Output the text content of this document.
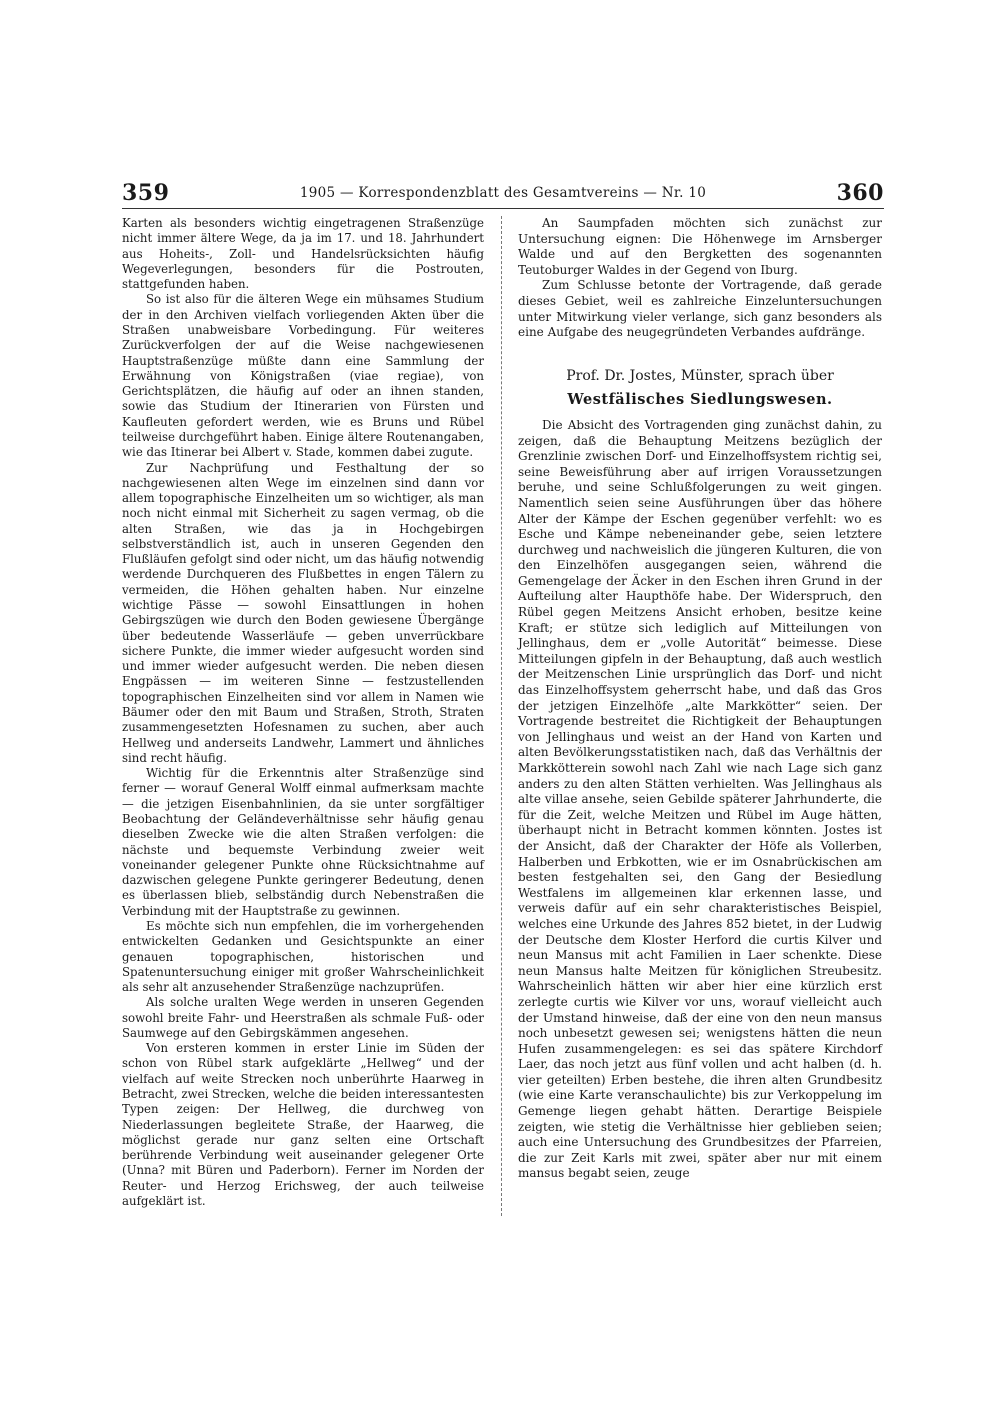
359	1905 — Korrespondenzblatt des Gesamtvereins — Nr. 10	360

Karten als besonders wichtig eingetragenen Straßenzüge nicht immer ältere Wege, da ja im 17. und 18. Jahrhundert aus Hoheits-, Zoll- und Handelsrücksichten häufig Wegeverlegungen, besonders für die Postrouten, stattgefunden haben.

So ist also für die älteren Wege ein mühsames Studium der in den Archiven vielfach vorliegenden Akten über die Straßen unabweisbare Vorbedingung. Für weiteres Zurückverfolgen der auf die Weise nachgewiesenen Hauptstraßenzüge müßte dann eine Sammlung der Erwähnung von Königstraßen (viae regiae), von Gerichtsplätzen, die häufig auf oder an ihnen standen, sowie das Studium der Itinerarien von Fürsten und Kaufleuten gefordert werden, wie es Bruns und Rübel teilweise durchgeführt haben. Einige ältere Routenangaben, wie das Itinerar bei Albert v. Stade, kommen dabei zugute.

Zur Nachprüfung und Festhaltung der so nachgewiesenen alten Wege im einzelnen sind dann vor allem topographische Einzelheiten um so wichtiger, als man noch nicht einmal mit Sicherheit zu sagen vermag, ob die alten Straßen, wie das ja in Hochgebirgen selbstverständlich ist, auch in unseren Gegenden den Flußläufen gefolgt sind oder nicht, um das häufig notwendig werdende Durchqueren des Flußbettes in engen Tälern zu vermeiden, die Höhen gehalten haben. Nur einzelne wichtige Pässe — sowohl Einsattlungen in hohen Gebirgszügen wie durch den Boden gewiesene Übergänge über bedeutende Wasserläufe — geben unverrückbare sichere Punkte, die immer wieder aufgesucht worden sind und immer wieder aufgesucht werden. Die neben diesen Engpässen — im weiteren Sinne — festzustellenden topographischen Einzelheiten sind vor allem in Namen wie Bäumer oder den mit Baum und Straßen, Stroth, Straten zusammengesetzten Hofesnamen zu suchen, aber auch Hellweg und anderseits Landwehr, Lammert und ähnliches sind recht häufig.

Wichtig für die Erkenntnis alter Straßenzüge sind ferner — worauf General Wolff einmal aufmerksam machte — die jetzigen Eisenbahnlinien, da sie unter sorgfältiger Beobachtung der Geländeverhältnisse sehr häufig genau dieselben Zwecke wie die alten Straßen verfolgen: die nächste und bequemste Verbindung zweier weit voneinander gelegener Punkte ohne Rücksichtnahme auf dazwischen gelegene Punkte geringerer Bedeutung, denen es überlassen blieb, selbständig durch Nebenstraßen die Verbindung mit der Hauptstraße zu gewinnen.

Es möchte sich nun empfehlen, die im vorhergehenden entwickelten Gedanken und Gesichtspunkte an einer genauen topographischen, historischen und Spatenuntersuchung einiger mit großer Wahrscheinlichkeit als sehr alt anzusehender Straßenzüge nachzuprüfen.

Als solche uralten Wege werden in unseren Gegenden sowohl breite Fahr- und Heerstraßen als schmale Fuß- oder Saumwege auf den Gebirgskämmen angesehen.

Von ersteren kommen in erster Linie im Süden der schon von Rübel stark aufgeklärte „Hellweg“ und der vielfach auf weite Strecken noch unberührte Haarweg in Betracht, zwei Strecken, welche die beiden interessantesten Typen zeigen: Der Hellweg, die durchweg von Niederlassungen begleitete Straße, der Haarweg, die möglichst gerade nur ganz selten eine Ortschaft berührende Verbindung weit auseinander gelegener Orte (Unna? mit Büren und Paderborn). Ferner im Norden der Reuter- und Herzog Erichsweg, der auch teilweise aufgeklärt ist.

An Saumpfaden möchten sich zunächst zur Untersuchung eignen: Die Höhenwege im Arnsberger Walde und auf den Bergketten des sogenannten Teutoburger Waldes in der Gegend von Iburg.

Zum Schlusse betonte der Vortragende, daß gerade dieses Gebiet, weil es zahlreiche Einzeluntersuchungen unter Mitwirkung vieler verlange, sich ganz besonders als eine Aufgabe des neugegründeten Verbandes aufdränge.

Prof. Dr. Jostes, Münster, sprach über

Westfälisches Siedlungswesen.

Die Absicht des Vortragenden ging zunächst dahin, zu zeigen, daß die Behauptung Meitzens bezüglich der Grenzlinie zwischen Dorf- und Einzelhoffsystem richtig sei, seine Beweisführung aber auf irrigen Voraussetzungen beruhe, und seine Schlußfolgerungen zu weit gingen. Namentlich seien seine Ausführungen über das höhere Alter der Kämpe der Eschen gegenüber verfehlt: wo es Esche und Kämpe nebeneinander gebe, seien letztere durchweg und nachweislich die jüngeren Kulturen, die von den Einzelhöfen ausgegangen seien, während die Gemengelage der Äcker in den Eschen ihren Grund in der Aufteilung alter Haupthöfe habe. Der Widerspruch, den Rübel gegen Meitzens Ansicht erhoben, besitze keine Kraft; er stütze sich lediglich auf Mitteilungen von Jellinghaus, dem er „volle Autorität“ beimesse. Diese Mitteilungen gipfeln in der Behauptung, daß auch westlich der Meitzenschen Linie ursprünglich das Dorf- und nicht das Einzelhoffsystem geherrscht habe, und daß das Gros der jetzigen Einzelhöfe „alte Markkötter“ seien. Der Vortragende bestreitet die Richtigkeit der Behauptungen von Jellinghaus und weist an der Hand von Karten und alten Bevölkerungsstatistiken nach, daß das Verhältnis der Markkötterein sowohl nach Zahl wie nach Lage sich ganz anders zu den alten Stätten verhielten. Was Jellinghaus als alte villae ansehe, seien Gebilde späterer Jahrhunderte, die für die Zeit, welche Meitzen und Rübel im Auge hätten, überhaupt nicht in Betracht kommen könnten. Jostes ist der Ansicht, daß der Charakter der Höfe als Vollerben, Halberben und Erbkotten, wie er im Osnabrückischen am besten festgehalten sei, den Gang der Besiedlung Westfalens im allgemeinen klar erkennen lasse, und verweis dafür auf ein sehr charakteristisches Beispiel, welches eine Urkunde des Jahres 852 bietet, in der Ludwig der Deutsche dem Kloster Herford die curtis Kilver und neun Mansus mit acht Familien in Laer schenkte. Diese neun Mansus halte Meitzen für königlichen Streubesitz. Wahrscheinlich hätten wir aber hier eine kürzlich erst zerlegte curtis wie Kilver vor uns, worauf vielleicht auch der Umstand hinweise, daß der eine von den neun mansus noch unbesetzt gewesen sei; wenigstens hätten die neun Hufen zusammengelegen: es sei das spätere Kirchdorf Laer, das noch jetzt aus fünf vollen und acht halben (d. h. vier geteilten) Erben bestehe, die ihren alten Grundbesitz (wie eine Karte veranschaulichte) bis zur Verkoppelung im Gemenge liegen gehabt hätten. Derartige Beispiele zeigten, wie stetig die Verhältnisse hier geblieben seien; auch eine Untersuchung des Grundbesitzes der Pfarreien, die zur Zeit Karls mit zwei, später aber nur mit einem mansus begabt seien, zeuge
